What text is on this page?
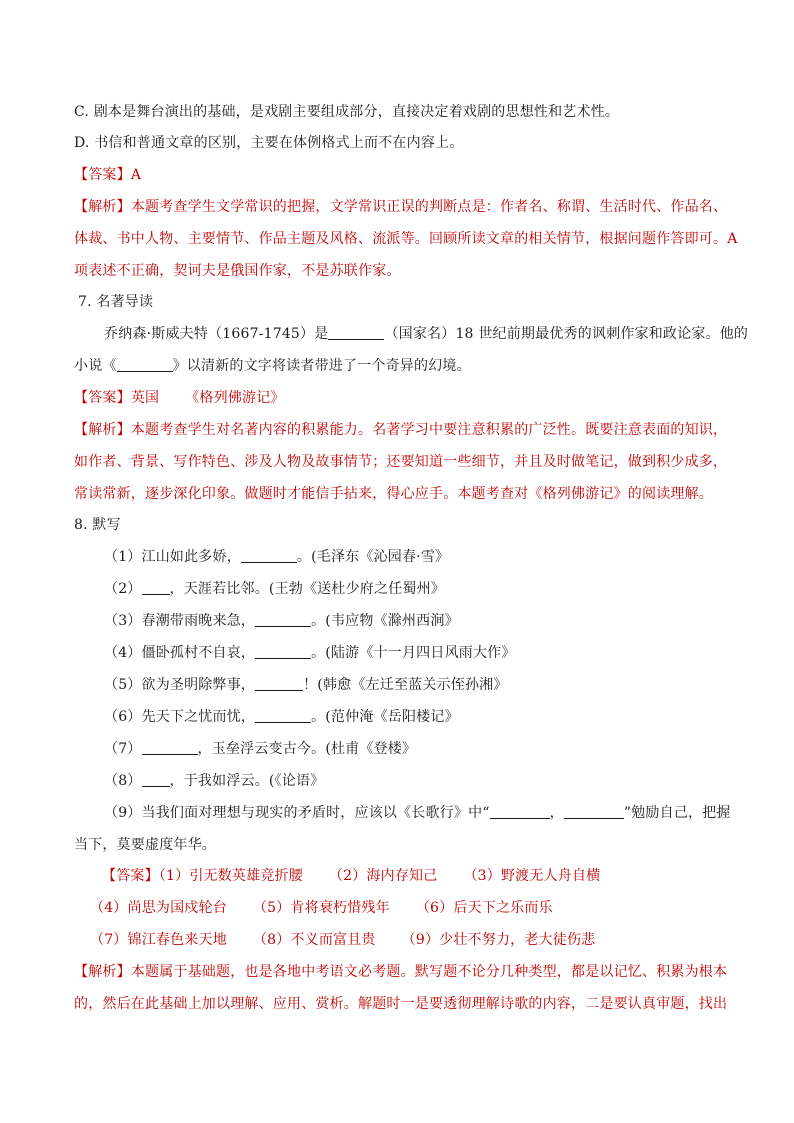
C. 剧本是舞台演出的基础，是戏剧主要组成部分，直接决定着戏剧的思想性和艺术性。
D. 书信和普通文章的区别，主要在体例格式上而不在内容上。
【答案】A
【解析】本题考查学生文学常识的把握，文学常识正误的判断点是：作者名、称谓、生活时代、作品名、
体裁、书中人物、主要情节、作品主题及风格、流派等。回顾所读文章的相关情节，根据问题作答即可。A
项表述不正确，契诃夫是俄国作家，不是苏联作家。
7. 名著导读
乔纳森·斯威夫特（1667-1745）是	（国家名）18 世纪前期最优秀的讽刺作家和政论家。他的
小说《	》以清新的文字将读者带进了一个奇异的幻境。
【答案】英国 《格列佛游记》
【解析】本题考查学生对名著内容的积累能力。名著学习中要注意积累的广泛性。既要注意表面的知识，
如作者、背景、写作特色、涉及人物及故事情节；还要知道一些细节，并且及时做笔记，做到积少成多，
常读常新，逐步深化印象。做题时才能信手拈来，得心应手。本题考查对《格列佛游记》的阅读理解。
8. 默写
（1）江山如此多娇，	。(毛泽东《沁园春·雪》
（2） ，天涯若比邻。(王勃《送杜少府之任蜀州》
（3）春潮带雨晚来急，	。(韦应物《滁州西涧》
（4）僵卧孤村不自哀，	。(陆游《十一月四日风雨大作》
（5）欲为圣明除弊事，	！(韩愈《左迁至蓝关示侄孙湘》
（6）先天下之忧而忧，	。(范仲淹《岳阳楼记》
（7）	，玉垒浮云变古今。(杜甫《登楼》
（8） ，于我如浮云。(《论语》
（9）当我们面对理想与现实的矛盾时，应该以《长歌行》中“	，	”勉励自己，把握
当下，莫要虚度年华。
【答案】（1）引无数英雄竞折腰 （2）海内存知己 （3）野渡无人舟自横
（4）尚思为国戍轮台 （5）肯将衰朽惜残年 （6）后天下之乐而乐
（7）锦江春色来天地 （8）不义而富且贵 （9）少壮不努力，老大徒伤悲
【解析】本题属于基础题，也是各地中考语文必考题。默写题不论分几种类型，都是以记忆、积累为根本
的，然后在此基础上加以理解、应用、赏析。解题时一是要透彻理解诗歌的内容，二是要认真审题，找出
